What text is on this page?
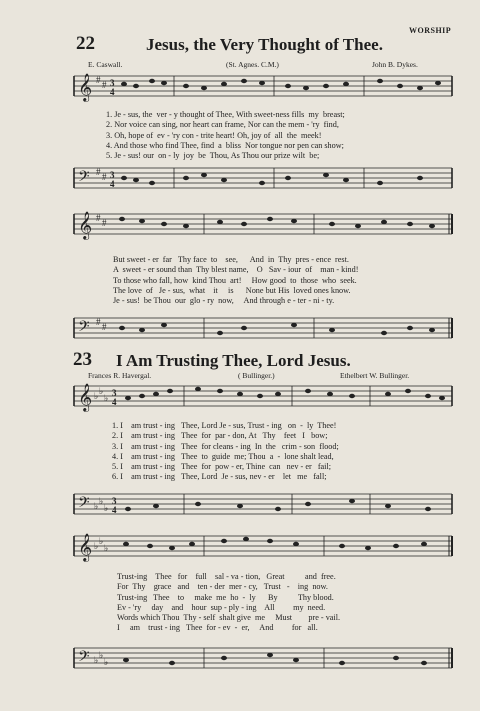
WORSHIP
22	Jesus, the Very Thought of Thee.
E. Caswall.	(St. Agnes. C.M.)	John B. Dykes.
𝄞 # # 3
4
1. Je - sus, the  ver - y thought of Thee, With sweet-ness fills  my  breast;
2. Nor voice can sing, nor heart can frame, Nor can the mem - 'ry  find,
3. Oh, hope of  ev - 'ry con - trite heart! Oh, joy of  all  the  meek!
4. And those who find Thee, find  a  bliss  Nor tongue nor pen can show;
5. Je - sus! our  on - ly  joy  be  Thou, As Thou our prize wilt  be;
𝄢 # # 3
4
𝄞 # #
But sweet - er  far   Thy face  to    see,      And  in  Thy  pres - ence  rest.
A  sweet - er sound than  Thy blest name,    O   Sav - iour  of    man - kind!
To those who fall, how  kind Thou  art!     How good  to  those  who  seek.
The love  of   Je - sus,  what    it     is      None but His  loved ones know.
Je - sus!  be Thou  our  glo - ry  now,     And through e - ter - ni - ty.
𝄢 # #
23 I Am Trusting Thee, Lord Jesus.
Frances R. Havergal.	( Bullinger.)	Ethelbert W. Bullinger.
𝄞 ♭ ♭
♭ 3
4
1. I    am trust - ing   Thee, Lord Je - sus, Trust - ing   on  -  ly  Thee!
2. I    am trust - ing   Thee  for  par - don, At   Thy    feet   I   bow;
3. I    am trust - ing   Thee  for cleans - ing  In  the   crim - son  flood;
4. I    am trust - ing   Thee  to  guide  me; Thou  a  -  lone shalt lead,
5. I    am trust - ing   Thee  for  pow - er, Thine  can   nev - er   fail;
6. I    am trust - ing   Thee, Lord  Je - sus, nev - er    let   me   fall;
𝄢 ♭ ♭
♭
3
4
𝄞 ♭ ♭
♭
Trust-ing    Thee   for    full    sal - va - tion,   Great          and  free.
For  Thy    grace   and    ten - der  mer - cy,   Trust   -    ing  now.
Trust-ing   Thee    to     make  me  ho  -  ly      By          Thy blood.
Ev - 'ry     day    and    hour  sup - ply - ing    All         my  need.
Words which Thou  Thy - self  shalt give  me     Must        pre - vail.
I     am    trust - ing   Thee  for - ev  -  er,     And         for   all.
𝄢 ♭ ♭
♭
